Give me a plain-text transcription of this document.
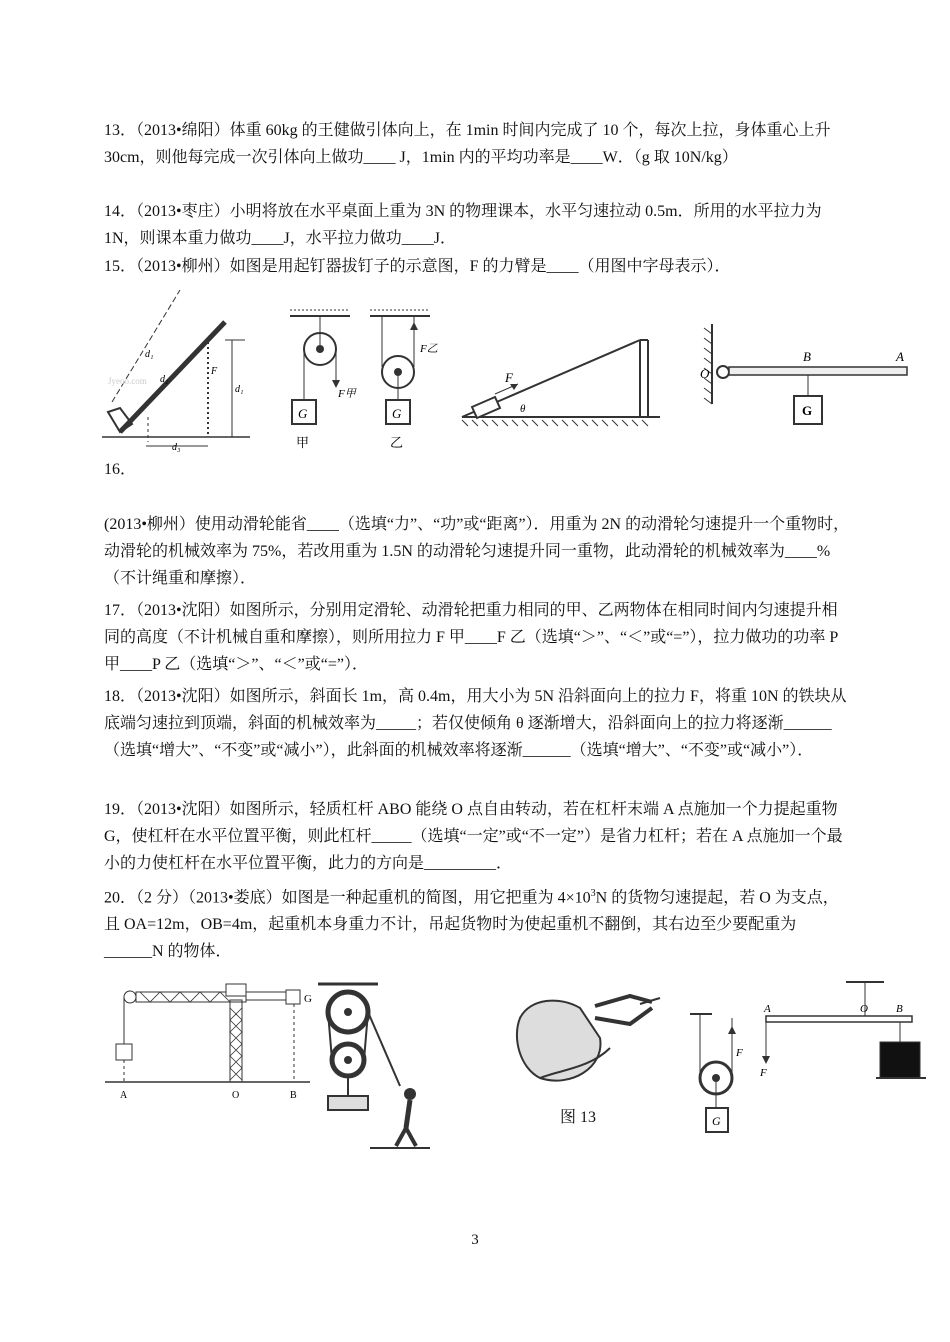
13．（2013•绵阳）体重 60kg 的王健做引体向上，在 1min 时间内完成了 10 个，每次上拉，身体重心上升 30cm，则他每完成一次引体向上做功____ J，1min 内的平均功率是____W．（g 取 10N/kg）

14．（2013•枣庄）小明将放在水平桌面上重为 3N 的物理课本，水平匀速拉动 0.5m．所用的水平拉力为 1N，则课本重力做功____J，水平拉力做功____J．

15．（2013•柳州）如图是用起钉器拔钉子的示意图，F 的力臂是____（用图中字母表示）．

d₁
d₂
d₁
d₃
F
Jyeoo.com
G
F甲
甲
G
F乙
乙
F
θ	G
O
B	A

16．

(2013•柳州）使用动滑轮能省____（选填“力”、“功”或“距离”）．用重为 2N 的动滑轮匀速提升一个重物时，动滑轮的机械效率为 75%，若改用重为 1.5N 的动滑轮匀速提升同一重物，此动滑轮的机械效率为____%（不计绳重和摩擦）．

17．（2013•沈阳）如图所示，分别用定滑轮、动滑轮把重力相同的甲、乙两物体在相同时间内匀速提升相同的高度（不计机械自重和摩擦），则所用拉力 F 甲____F 乙（选填“＞”、“＜”或“=”），拉力做功的功率 P 甲____P 乙（选填“＞”、“＜”或“=”）．

18．（2013•沈阳）如图所示，斜面长 1m，高 0.4m，用大小为 5N 沿斜面向上的拉力 F，将重 10N 的铁块从底端匀速拉到顶端，斜面的机械效率为_____；若仅使倾角 θ 逐渐增大，沿斜面向上的拉力将逐渐______（选填“增大”、“不变”或“减小”），此斜面的机械效率将逐渐______（选填“增大”、“不变”或“减小”）．

19．（2013•沈阳）如图所示，轻质杠杆 ABO 能绕 O 点自由转动，若在杠杆末端 A 点施加一个力提起重物 G，使杠杆在水平位置平衡，则此杠杆_____（选填“一定”或“不一定”）是省力杠杆；若在 A 点施加一个最小的力使杠杆在水平位置平衡，此力的方向是_________．

20．（2 分）（2013•娄底）如图是一种起重机的简图，用它把重为 $4\times 10^3N$ 的货物匀速提起，若 O 为支点，且 OA=12m，OB=4m，起重机本身重力不计，吊起货物时为使起重机不翻倒，其右边至少要配重为______N 的物体．

A	O	B
G
F
G
A	O	B
F
图 13
3
